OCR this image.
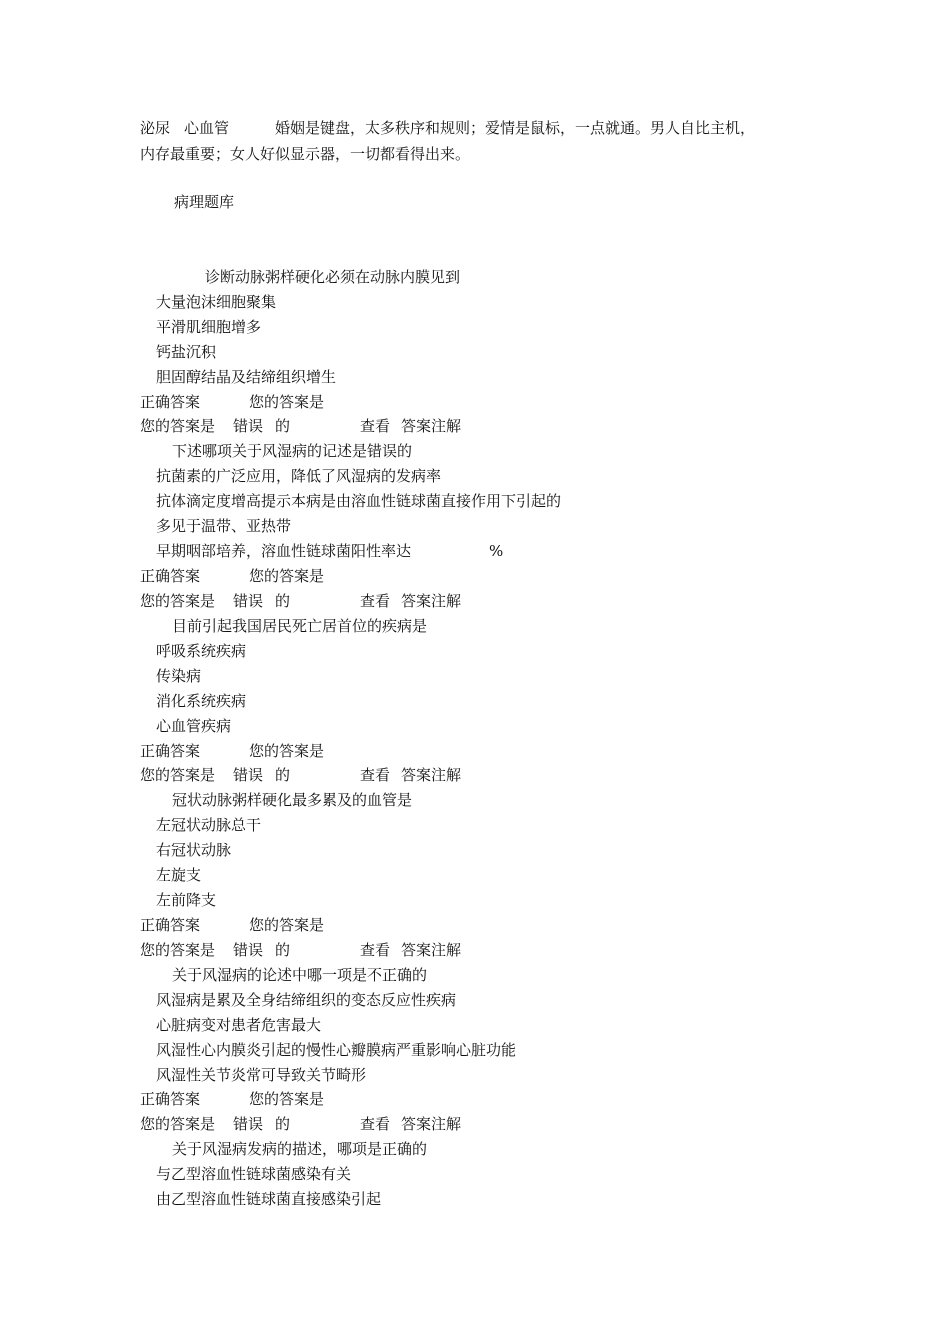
泌尿

心血管

	婚姻是键盘，太多秩序和规则；爱情是鼠标，一点就通。男人自比主机，

内存最重要；女人好似显示器，一切都看得出来。

病理题库
诊断动脉粥样硬化必须在动脉内膜见到
大量泡沫细胞聚集
平滑肌细胞增多
钙盐沉积
胆固醇结晶及结缔组织增生

正确答案

	您的答案是

您的答案是

错误

的

	查看

答案注解

下述哪项关于风湿病的记述是错误的
抗菌素的广泛应用，降低了风湿病的发病率
抗体滴定度增高提示本病是由溶血性链球菌直接作用下引起的
多见于温带、亚热带

早期咽部培养，溶血性链球菌阳性率达

	%

正确答案

	您的答案是

您的答案是

错误

的

	查看

答案注解

目前引起我国居民死亡居首位的疾病是
呼吸系统疾病
传染病
消化系统疾病
心血管疾病

正确答案

	您的答案是

您的答案是

错误

的

	查看

答案注解

冠状动脉粥样硬化最多累及的血管是
左冠状动脉总干
右冠状动脉
左旋支
左前降支

正确答案

	您的答案是

您的答案是

错误

的

	查看

答案注解

关于风湿病的论述中哪一项是不正确的
风湿病是累及全身结缔组织的变态反应性疾病
心脏病变对患者危害最大
风湿性心内膜炎引起的慢性心瓣膜病严重影响心脏功能
风湿性关节炎常可导致关节畸形

正确答案

	您的答案是

您的答案是

错误

的

	查看

答案注解

关于风湿病发病的描述，哪项是正确的
与乙型溶血性链球菌感染有关
由乙型溶血性链球菌直接感染引起
